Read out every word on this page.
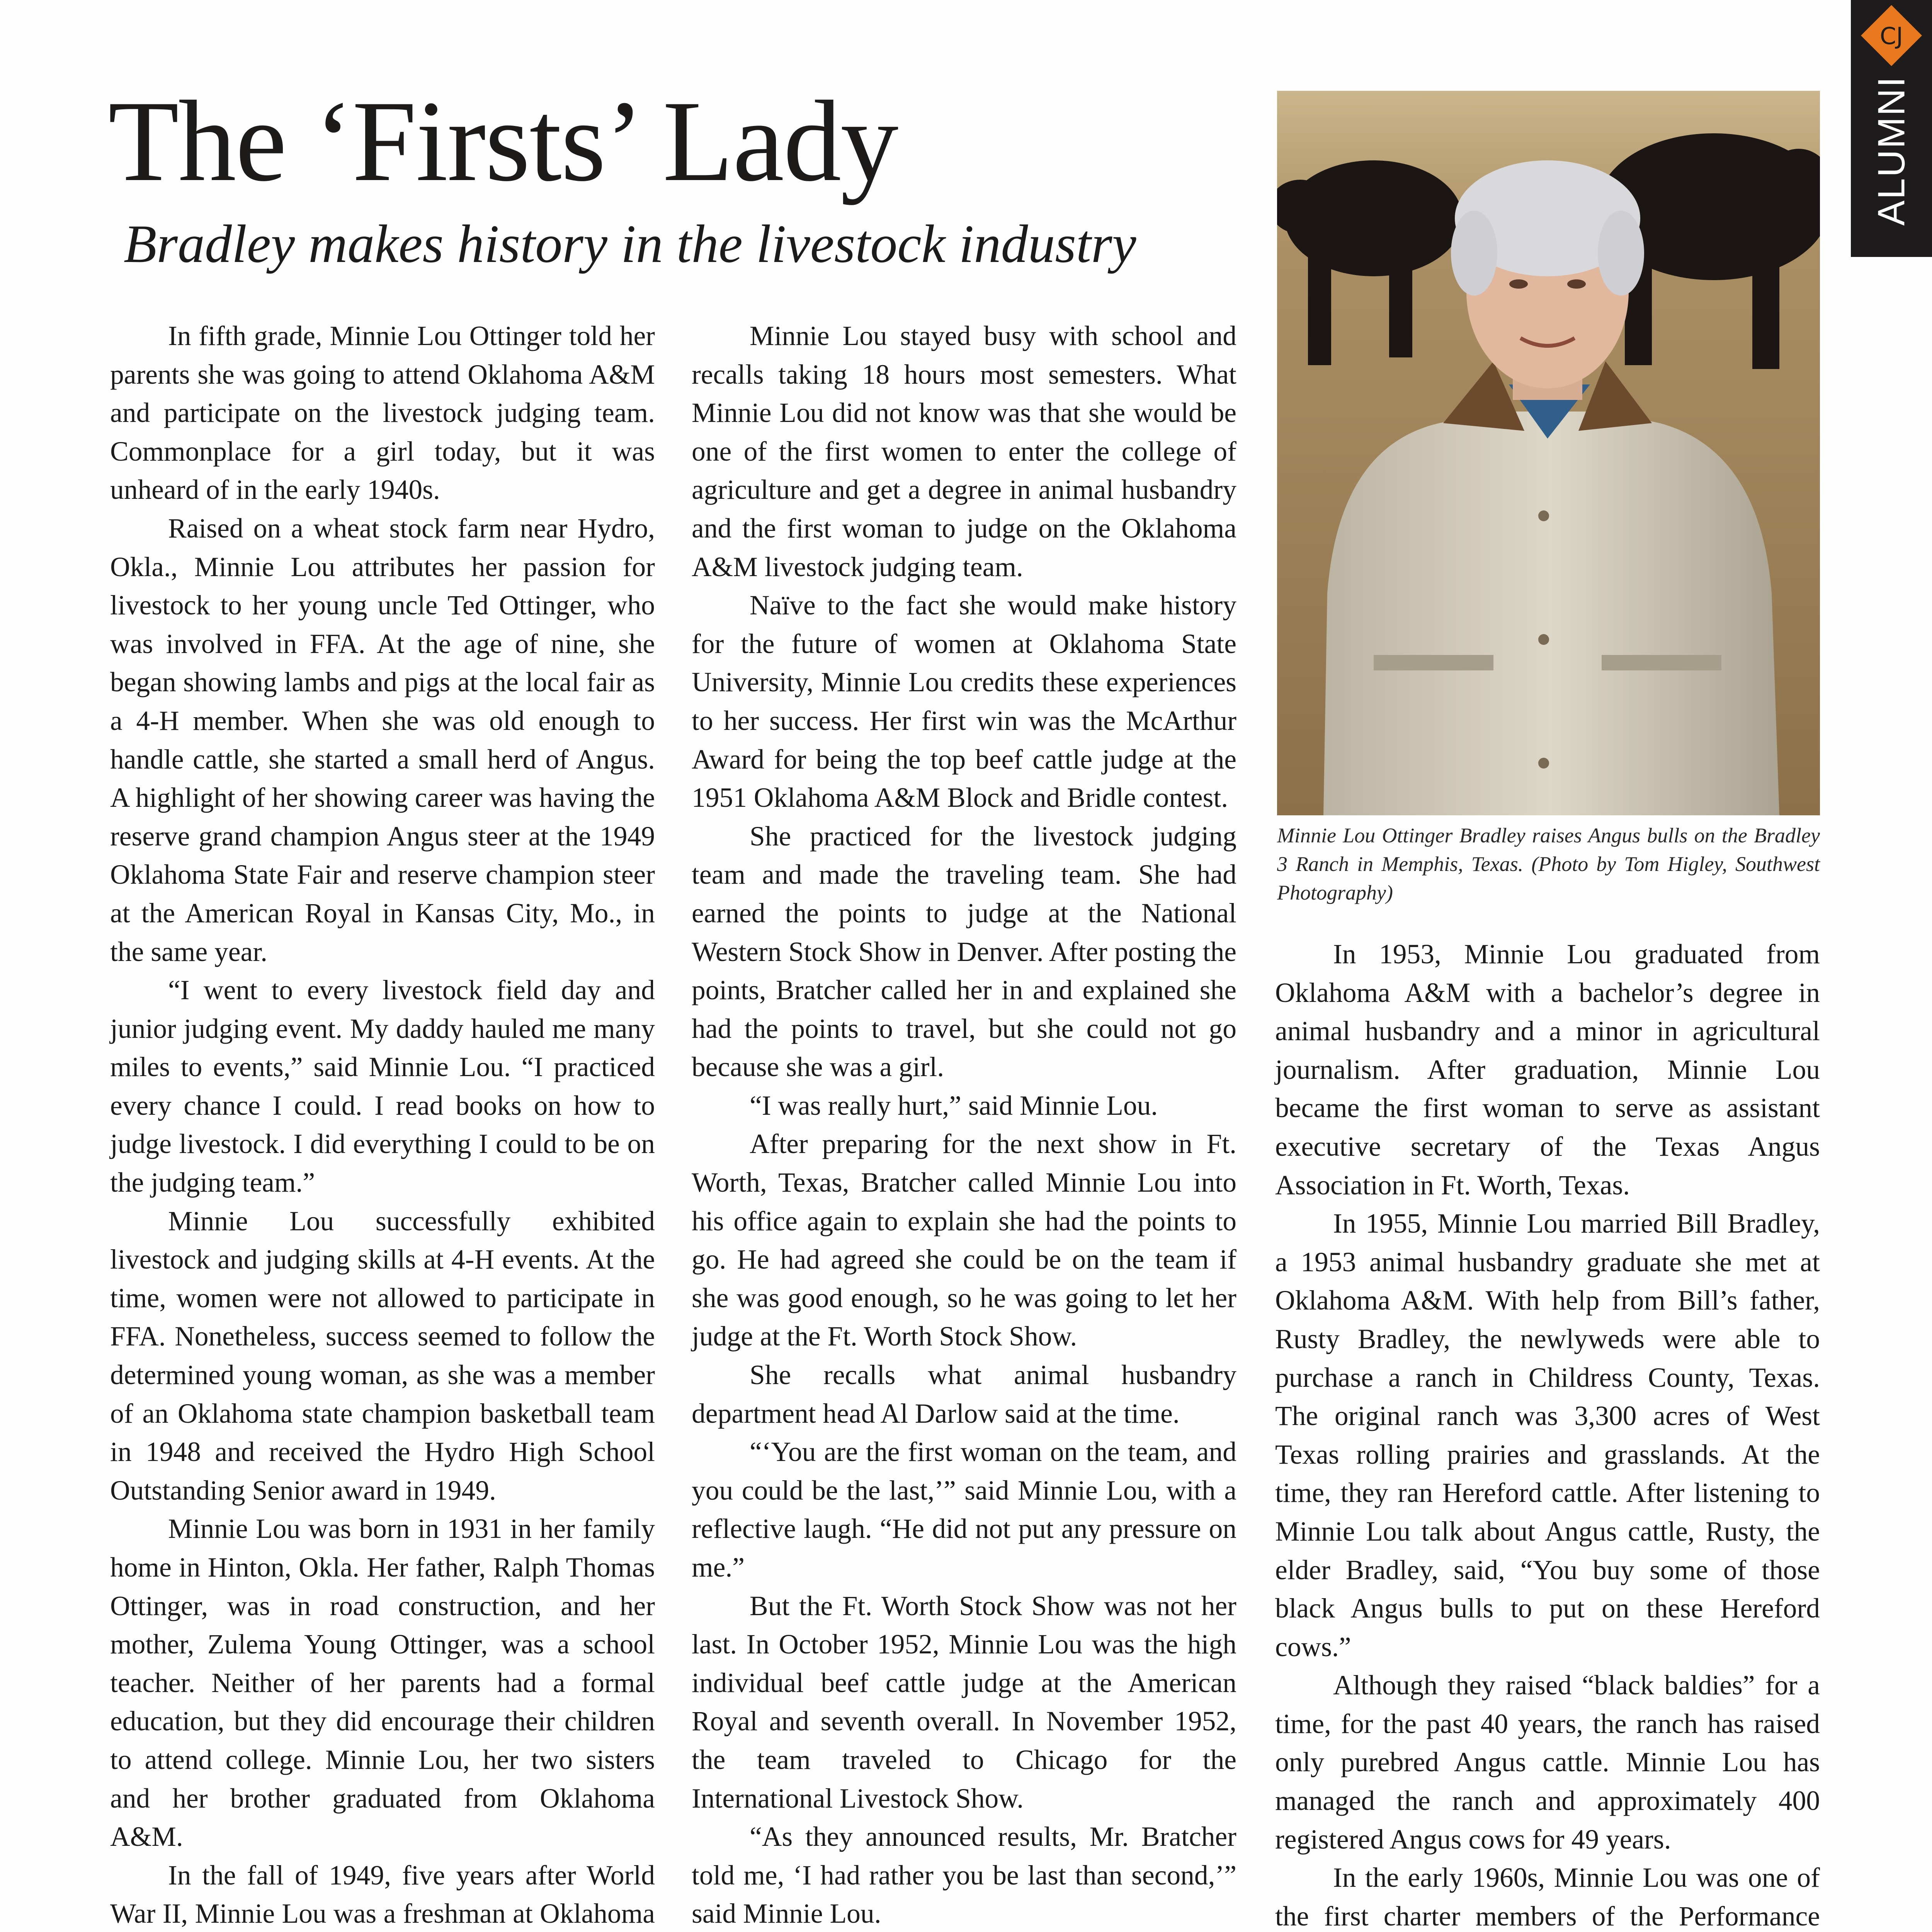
CJ
ALUMNI
The ‘Firsts’ Lady
Bradley makes history in the livestock industry

In fifth grade, Minnie Lou Ottinger told her parents she was going to attend Oklahoma A&M and participate on the livestock judging team. Commonplace for a girl today, but it was unheard of in the early 1940s.

Raised on a wheat stock farm near Hydro, Okla., Minnie Lou attributes her passion for livestock to her young uncle Ted Ottinger, who was involved in FFA. At the age of nine, she began showing lambs and pigs at the local fair as a 4-H member. When she was old enough to handle cattle, she started a small herd of Angus. A highlight of her showing career was having the reserve grand champion Angus steer at the 1949 Oklahoma State Fair and reserve champion steer at the American Royal in Kansas City, Mo., in the same year.

“I went to every livestock field day and junior judging event. My daddy hauled me many miles to events,” said Minnie Lou. “I practiced every chance I could. I read books on how to judge livestock. I did everything I could to be on the judging team.”

Minnie Lou successfully exhibited livestock and judging skills at 4-H events. At the time, women were not allowed to participate in FFA. Nonetheless, success seemed to follow the determined young woman, as she was a member of an Oklahoma state champion basketball team in 1948 and received the Hydro High School Outstanding Senior award in 1949.

Minnie Lou was born in 1931 in her family home in Hinton, Okla. Her father, Ralph Thomas Ottinger, was in road construction, and her mother, Zulema Young Ottinger, was a school teacher. Neither of her parents had a formal education, but they did encourage their children to attend college. Minnie Lou, her two sisters and her brother graduated from Oklahoma A&M.

In the fall of 1949, five years after World War II, Minnie Lou was a freshman at Oklahoma

Minnie Lou stayed busy with school and recalls taking 18 hours most semesters. What Minnie Lou did not know was that she would be one of the first women to enter the college of agriculture and get a degree in animal husbandry and the first woman to judge on the Oklahoma A&M livestock judging team.

Naïve to the fact she would make history for the future of women at Oklahoma State University, Minnie Lou credits these experiences to her success. Her first win was the McArthur Award for being the top beef cattle judge at the 1951 Oklahoma A&M Block and Bridle contest.

She practiced for the livestock judging team and made the traveling team. She had earned the points to judge at the National Western Stock Show in Denver. After posting the points, Bratcher called her in and explained she had the points to travel, but she could not go because she was a girl.

“I was really hurt,” said Minnie Lou.

After preparing for the next show in Ft. Worth, Texas, Bratcher called Minnie Lou into his office again to explain she had the points to go. He had agreed she could be on the team if she was good enough, so he was going to let her judge at the Ft. Worth Stock Show.

She recalls what animal husbandry department head Al Darlow said at the time.

“‘You are the first woman on the team, and you could be the last,’” said Minnie Lou, with a reflective laugh. “He did not put any pressure on me.”

But the Ft. Worth Stock Show was not her last. In October 1952, Minnie Lou was the high individual beef cattle judge at the American Royal and seventh overall. In November 1952, the team traveled to Chicago for the International Livestock Show.

“As they announced results, Mr. Bratcher told me, ‘I had rather you be last than second,’” said Minnie Lou.

Minnie Lou Ottinger Bradley raises Angus bulls on the Bradley 3 Ranch in Memphis, Texas. (Photo by Tom Higley, Southwest Photography)

In 1953, Minnie Lou graduated from Oklahoma A&M with a bachelor’s degree in animal husbandry and a minor in agricultural journalism. After graduation, Minnie Lou became the first woman to serve as assistant executive secretary of the Texas Angus Association in Ft. Worth, Texas.

In 1955, Minnie Lou married Bill Bradley, a 1953 animal husbandry graduate she met at Oklahoma A&M. With help from Bill’s father, Rusty Bradley, the newlyweds were able to purchase a ranch in Childress County, Texas. The original ranch was 3,300 acres of West Texas rolling prairies and grasslands. At the time, they ran Hereford cattle. After listening to Minnie Lou talk about Angus cattle, Rusty, the elder Bradley, said, “You buy some of those black Angus bulls to put on these Hereford cows.”

Although they raised “black baldies” for a time, for the past 40 years, the ranch has raised only purebred Angus cattle. Minnie Lou has managed the ranch and approximately 400 registered Angus cows for 49 years.

In the early 1960s, Minnie Lou was one of the first charter members of the Performance
